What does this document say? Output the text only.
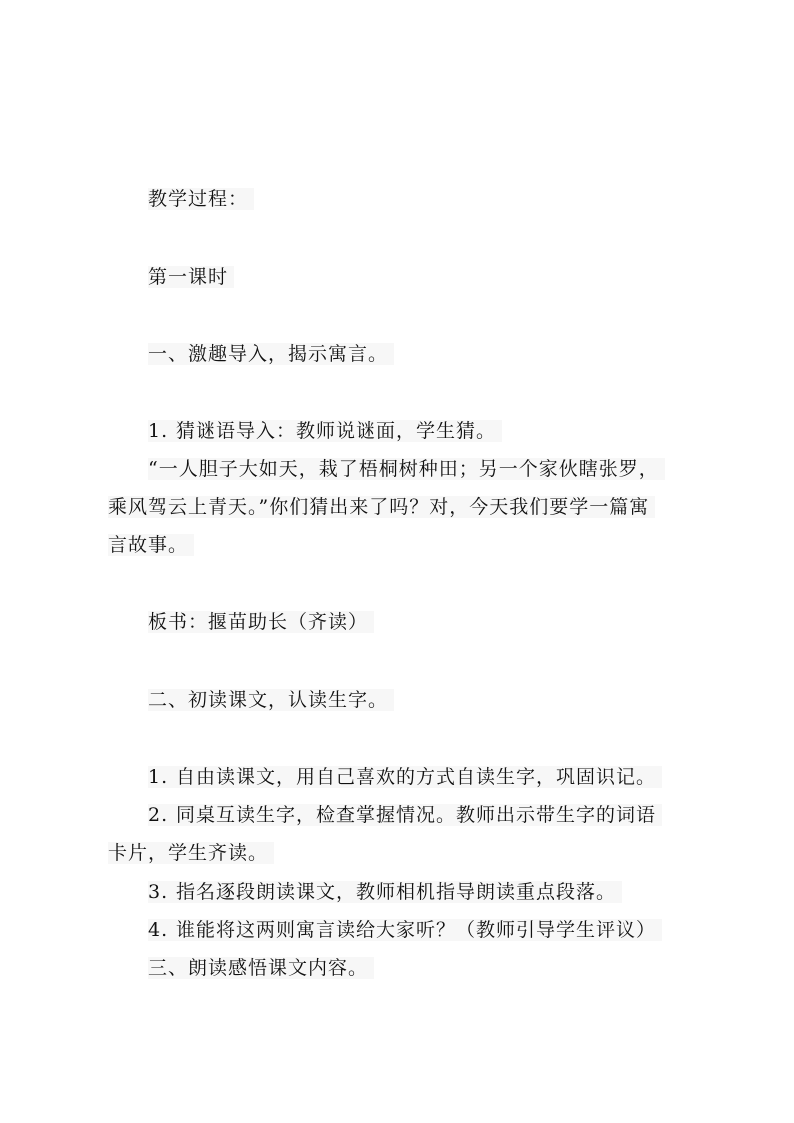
教学过程：
第一课时
一、激趣导入，揭示寓言。
1. 猜谜语导入：教师说谜面，学生猜。
“一人胆子大如天，栽了梧桐树种田；另一个家伙瞎张罗，
乘风驾云上青天。”你们猜出来了吗？对，今天我们要学一篇寓
言故事。
板书：揠苗助长（齐读）
二、初读课文，认读生字。
1. 自由读课文，用自己喜欢的方式自读生字，巩固识记。
2. 同桌互读生字，检查掌握情况。教师出示带生字的词语
卡片，学生齐读。
3. 指名逐段朗读课文，教师相机指导朗读重点段落。
4. 谁能将这两则寓言读给大家听？（教师引导学生评议）
三、朗读感悟课文内容。
